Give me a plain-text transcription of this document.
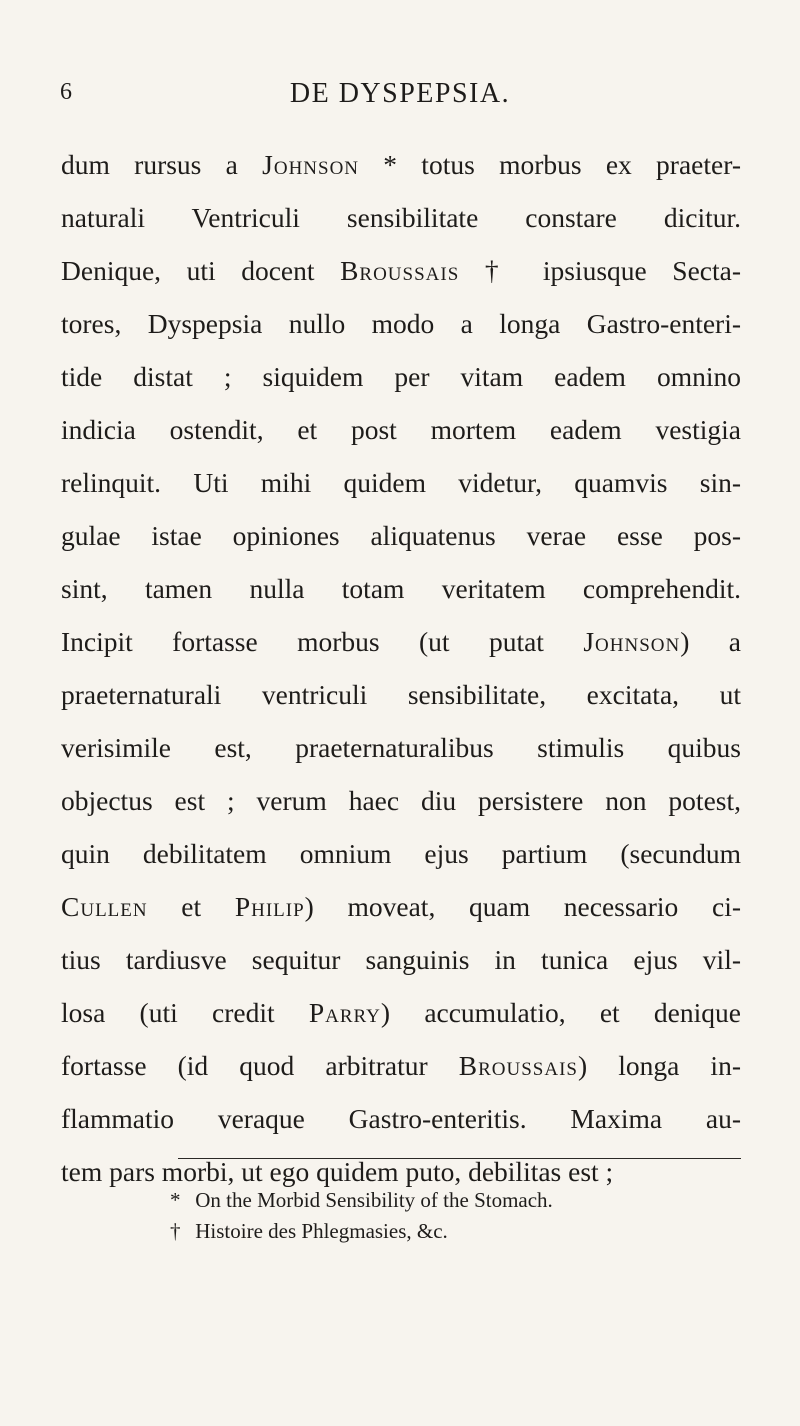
6	DE DYSPEPSIA.
dum rursus a Johnson * totus morbus ex praeter-
naturali Ventriculi sensibilitate constare dicitur.
Denique, uti docent Broussais † ipsiusque Secta-
tores, Dyspepsia nullo modo a longa Gastro-enteri-
tide distat ; siquidem per vitam eadem omnino
indicia ostendit, et post mortem eadem vestigia
relinquit. Uti mihi quidem videtur, quamvis sin-
gulae istae opiniones aliquatenus verae esse pos-
sint, tamen nulla totam veritatem comprehendit.
Incipit fortasse morbus (ut putat Johnson) a
praeternaturali ventriculi sensibilitate, excitata, ut
verisimile est, praeternaturalibus stimulis quibus
objectus est ; verum haec diu persistere non potest,
quin debilitatem omnium ejus partium (secundum
Cullen et Philip) moveat, quam necessario ci-
tius tardiusve sequitur sanguinis in tunica ejus vil-
losa (uti credit Parry) accumulatio, et denique
fortasse (id quod arbitratur Broussais) longa in-
flammatio veraque Gastro-enteritis. Maxima au-
tem pars morbi, ut ego quidem puto, debilitas est ;
* On the Morbid Sensibility of the Stomach.
† Histoire des Phlegmasies, &c.
